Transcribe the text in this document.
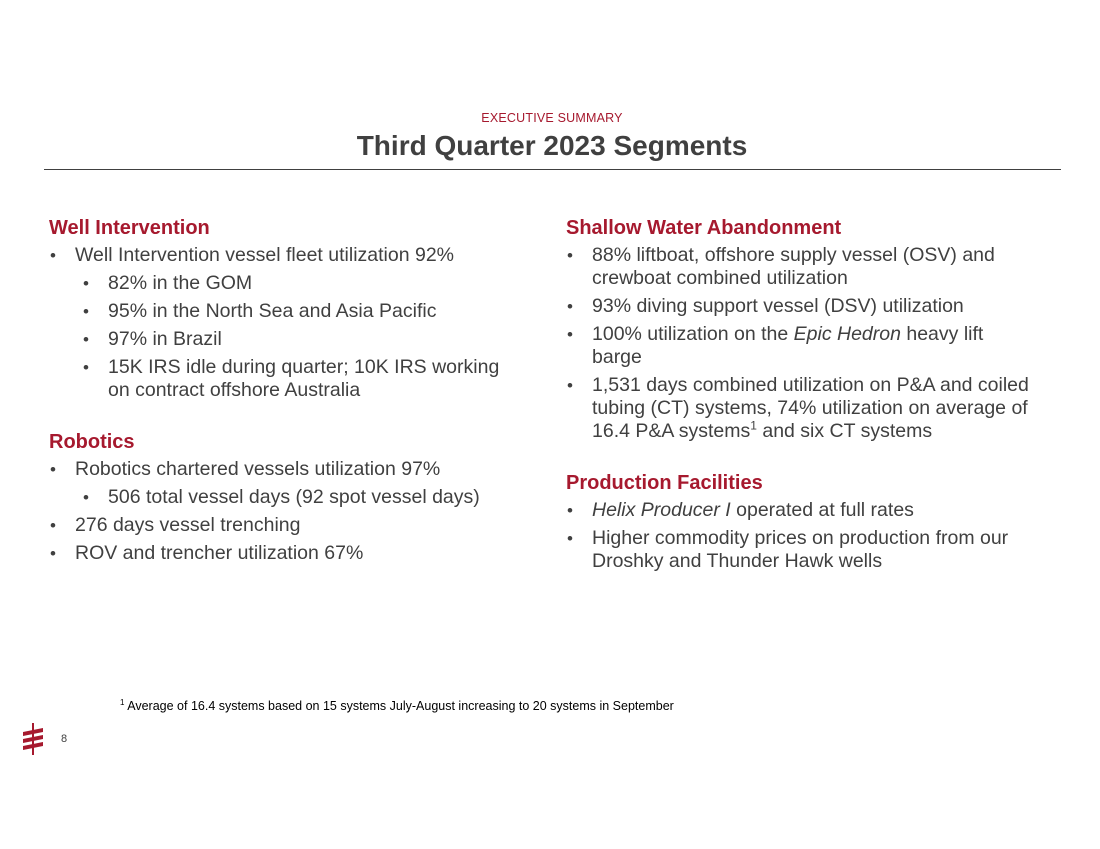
EXECUTIVE SUMMARY
Third Quarter 2023 Segments
Well Intervention
• Well Intervention vessel fleet utilization 92%
• 82% in the GOM
• 95% in the North Sea and Asia Pacific
• 97% in Brazil
• 15K IRS idle during quarter; 10K IRS working on contract offshore Australia
Robotics
• Robotics chartered vessels utilization 97%
• 506 total vessel days (92 spot vessel days)
• 276 days vessel trenching
• ROV and trencher utilization 67%
Shallow Water Abandonment
• 88% liftboat, offshore supply vessel (OSV) and crewboat combined utilization
• 93% diving support vessel (DSV) utilization
• 100% utilization on the Epic Hedron heavy lift barge
• 1,531 days combined utilization on P&A and coiled tubing (CT) systems, 74% utilization on average of 16.4 P&A systems$^1$ and six CT systems
Production Facilities
• Helix Producer I operated at full rates
• Higher commodity prices on production from our Droshky and Thunder Hawk wells
$^1$ Average of 16.4 systems based on 15 systems July-August increasing to 20 systems in September
8
